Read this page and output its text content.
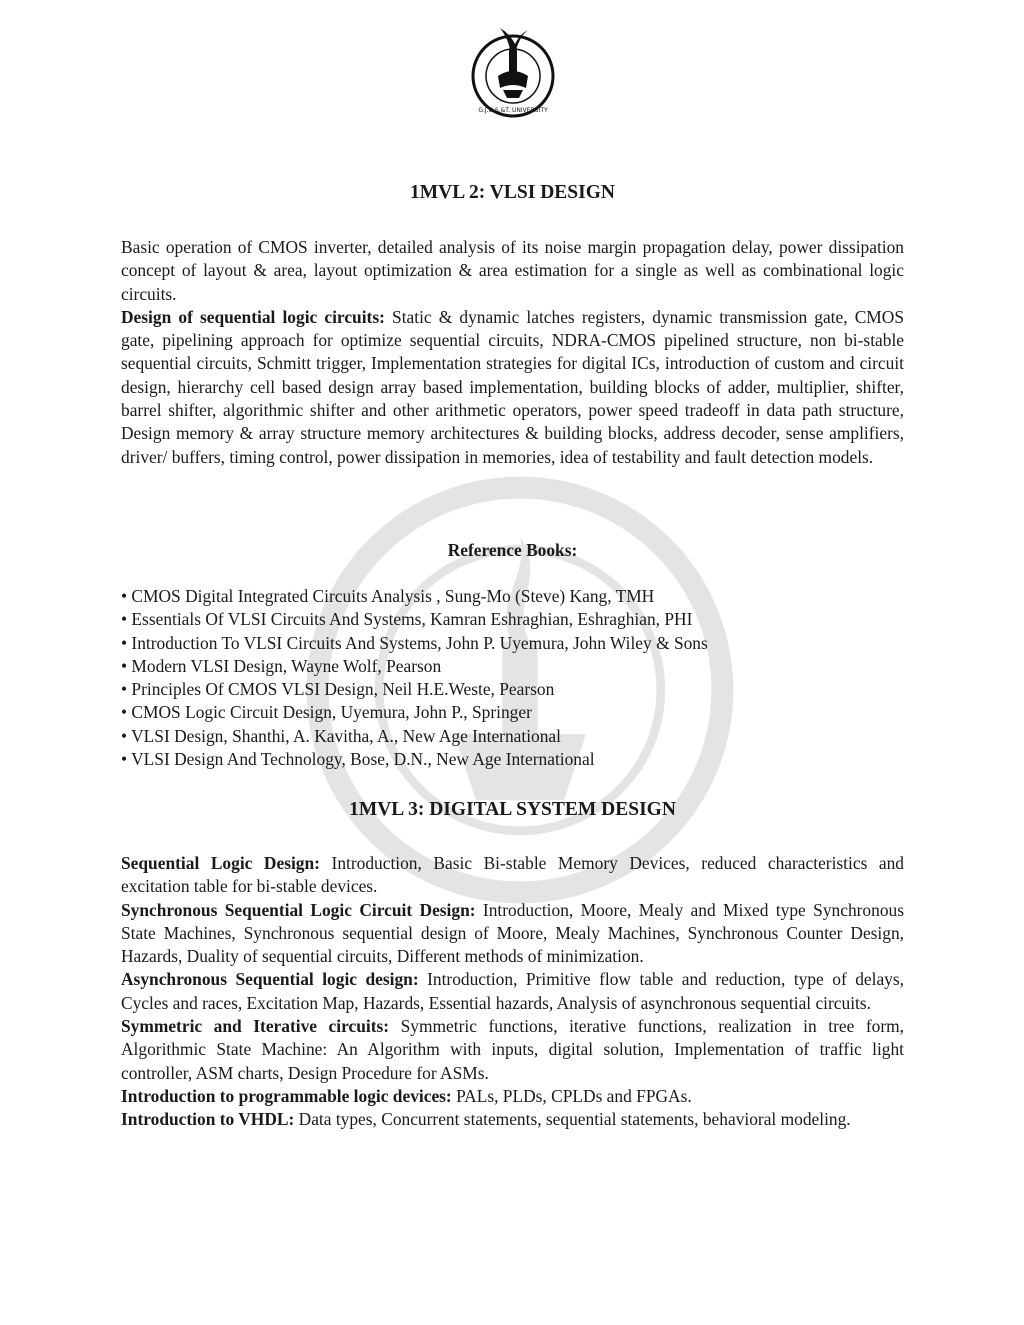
G.J.U.S.&T. UNIVERSITY
1MVL 2: VLSI DESIGN

Basic operation of CMOS inverter, detailed analysis of its noise margin propagation delay, power dissipation concept of layout & area, layout optimization & area estimation for a single as well as combinational logic circuits.

Design of sequential logic circuits: Static & dynamic latches registers, dynamic transmission gate, CMOS gate, pipelining approach for optimize sequential circuits, NDRA-CMOS pipelined structure, non bi-stable sequential circuits, Schmitt trigger, Implementation strategies for digital ICs, introduction of custom and circuit design, hierarchy cell based design array based implementation, building blocks of adder, multiplier, shifter, barrel shifter, algorithmic shifter and other arithmetic operators, power speed tradeoff in data path structure, Design memory & array structure memory architectures & building blocks, address decoder, sense amplifiers, driver/ buffers, timing control, power dissipation in memories, idea of testability and fault detection models.

Reference Books:
• CMOS Digital Integrated Circuits Analysis , Sung-Mo (Steve) Kang, TMH
• Essentials Of VLSI Circuits And Systems, Kamran Eshraghian, Eshraghian, PHI
• Introduction To VLSI Circuits And Systems, John P. Uyemura, John Wiley & Sons
• Modern VLSI Design, Wayne Wolf, Pearson
• Principles Of CMOS VLSI Design, Neil H.E.Weste, Pearson
• CMOS Logic Circuit Design, Uyemura, John P., Springer
• VLSI Design, Shanthi, A. Kavitha, A., New Age International
• VLSI Design And Technology, Bose, D.N., New Age International
1MVL 3: DIGITAL SYSTEM DESIGN

Sequential Logic Design: Introduction, Basic Bi-stable Memory Devices, reduced characteristics and excitation table for bi-stable devices.

Synchronous Sequential Logic Circuit Design: Introduction, Moore, Mealy and Mixed type Synchronous State Machines, Synchronous sequential design of Moore, Mealy Machines, Synchronous Counter Design, Hazards, Duality of sequential circuits, Different methods of minimization.

Asynchronous Sequential logic design: Introduction, Primitive flow table and reduction, type of delays, Cycles and races, Excitation Map, Hazards, Essential hazards, Analysis of asynchronous sequential circuits.

Symmetric and Iterative circuits: Symmetric functions, iterative functions, realization in tree form, Algorithmic State Machine: An Algorithm with inputs, digital solution, Implementation of traffic light controller, ASM charts, Design Procedure for ASMs.

Introduction to programmable logic devices: PALs, PLDs, CPLDs and FPGAs.

Introduction to VHDL: Data types, Concurrent statements, sequential statements, behavioral modeling.
